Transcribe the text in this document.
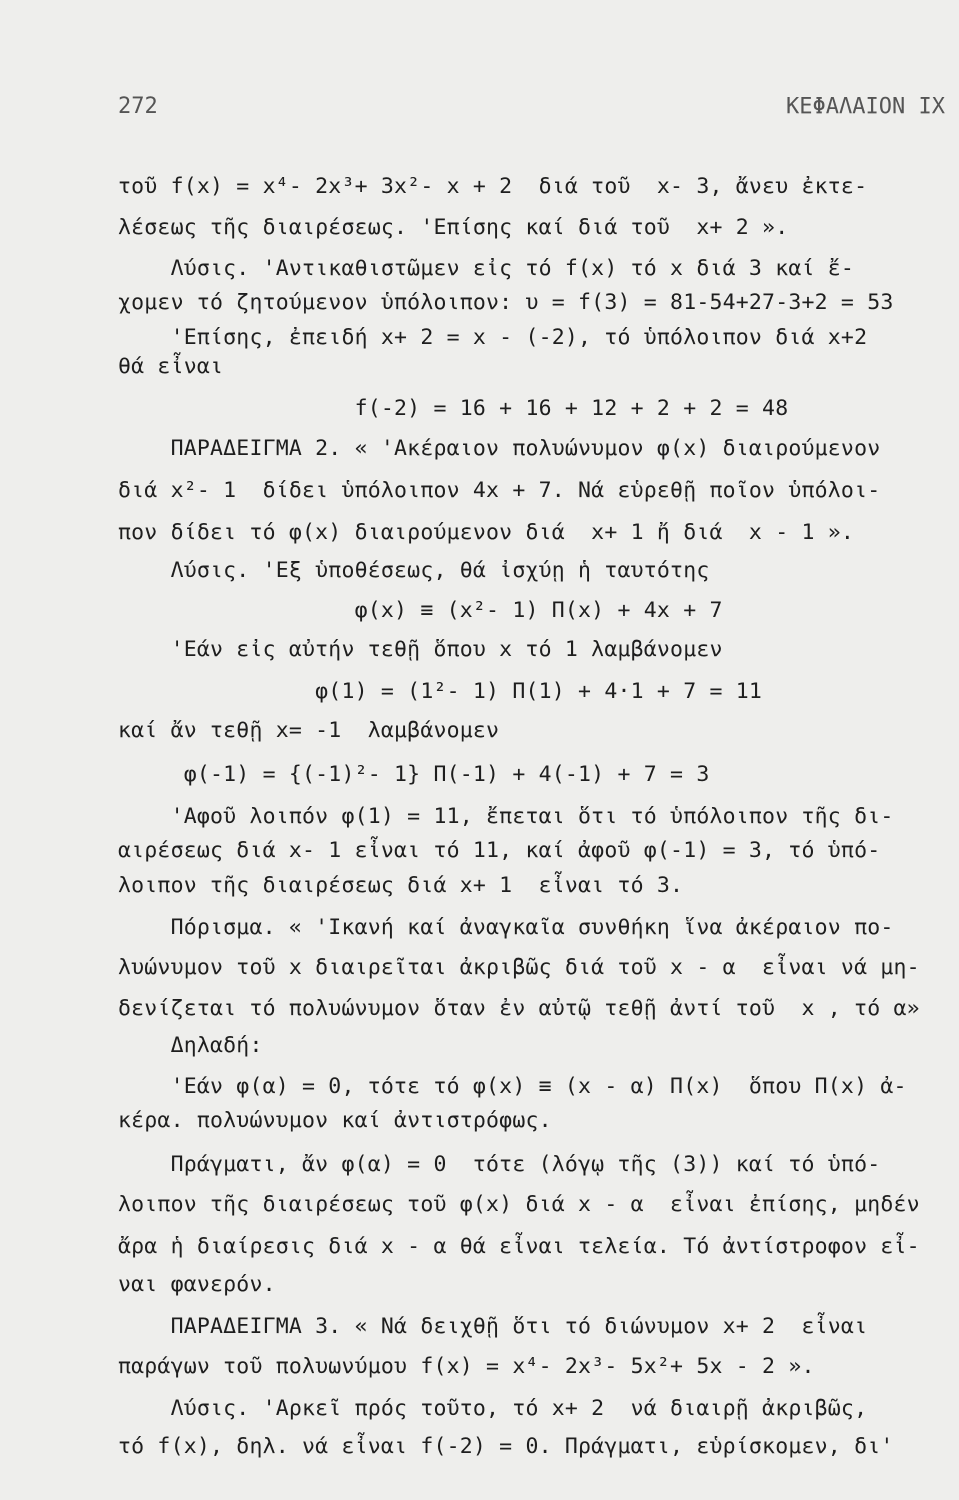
272	ΚΕΦΑΛΑΙΟΝ ΙΧ
τοῦ f(x) = x⁴- 2x³+ 3x²- x + 2  διά τοῦ  x- 3, ἄνευ ἐκτε-
λέσεως τῆς διαιρέσεως. 'Επίσης καί διά τοῦ  x+ 2 ».
Λύσις. 'Αντικαθιστῶμεν εἰς τό f(x) τό x διά 3 καί ἔ-
χομεν τό ζητούμενον ὑπόλοιπον: υ = f(3) = 81-54+27-3+2 = 53
'Επίσης, ἐπειδή x+ 2 = x - (-2), τό ὑπόλοιπον διά x+2
θά εἶναι
f(-2) = 16 + 16 + 12 + 2 + 2 = 48
ΠΑΡΑΔΕΙΓΜΑ 2. « 'Ακέραιον πολυώνυμον φ(x) διαιρούμενον
διά x²- 1  δίδει ὑπόλοιπον 4x + 7. Νά εὑρεθῇ ποῖον ὑπόλοι-
πον δίδει τό φ(x) διαιρούμενον διά  x+ 1 ἤ διά  x - 1 ».
Λύσις. 'Εξ ὑποθέσεως, θά ἰσχύῃ ἡ ταυτότης
φ(x) ≡ (x²- 1) Π(x) + 4x + 7
'Εάν εἰς αὐτήν τεθῇ ὅπου x τό 1 λαμβάνομεν
φ(1) = (1²- 1) Π(1) + 4·1 + 7 = 11
καί ἄν τεθῇ x= -1  λαμβάνομεν
φ(-1) = {(-1)²- 1} Π(-1) + 4(-1) + 7 = 3
'Αφοῦ λοιπόν φ(1) = 11, ἔπεται ὅτι τό ὑπόλοιπον τῆς δι-
αιρέσεως διά x- 1 εἶναι τό 11, καί ἀφοῦ φ(-1) = 3, τό ὑπό-
λοιπον τῆς διαιρέσεως διά x+ 1  εἶναι τό 3.
Πόρισμα. « 'Ικανή καί ἀναγκαῖα συνθήκη ἵνα ἀκέραιον πο-
λυώνυμον τοῦ x διαιρεῖται ἀκριβῶς διά τοῦ x - α  εἶναι νά μη-
δενίζεται τό πολυώνυμον ὅταν ἐν αὐτῷ τεθῇ ἀντί τοῦ  x , τό α»
Δηλαδή:
'Εάν φ(α) = 0, τότε τό φ(x) ≡ (x - α) Π(x)  ὅπου Π(x) ἀ-
κέρα. πολυώνυμον καί ἀντιστρόφως.
Πράγματι, ἄν φ(α) = 0  τότε (λόγῳ τῆς (3)) καί τό ὑπό-
λοιπον τῆς διαιρέσεως τοῦ φ(x) διά x - α  εἶναι ἐπίσης, μηδέν
ἄρα ἡ διαίρεσις διά x - α θά εἶναι τελεία. Τό ἀντίστροφον εἶ-
ναι φανερόν.
ΠΑΡΑΔΕΙΓΜΑ 3. « Νά δειχθῇ ὅτι τό διώνυμον x+ 2  εἶναι
παράγων τοῦ πολυωνύμου f(x) = x⁴- 2x³- 5x²+ 5x - 2 ».
Λύσις. 'Αρκεῖ πρός τοῦτο, τό x+ 2  νά διαιρῇ ἀκριβῶς,
τό f(x), δηλ. νά εἶναι f(-2) = 0. Πράγματι, εὑρίσκομεν, δι'
